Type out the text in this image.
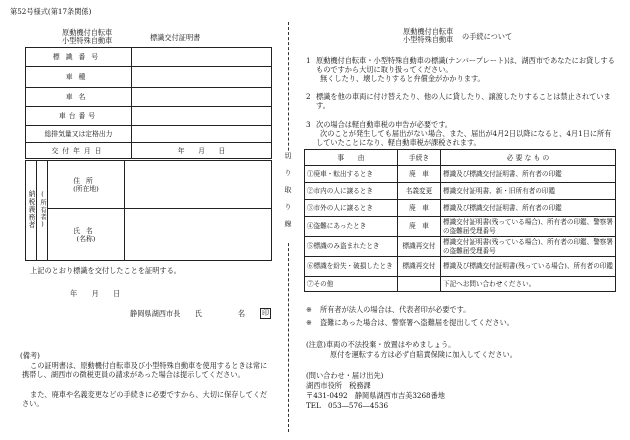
第52号様式(第17条関係)
原動機付自転車
小型特殊自動車	標識交付証明書
標識番号	
車種	
車名	
車台番号	
総排気量又は定格出力	
交付年月日	年　　月　　日
納税義務者	(所有者)	住所
(所在地)	

		氏名
(名称)	

上記のとおり標識を交付したことを証明する。
年　　月　　日
静岡県湖西市長　　氏　　　　　名 印
(備考)
この証明書は、原動機付自転車及び小型特殊自動車を使用するときは常に携帯し、湖西市の徴税吏員の請求があった場合は提示してください。
また、廃車や名義変更などの手続きに必要ですから、大切に保存してください。
切り取り線
原動機付自転車
小型特殊自動車 の手続について
1 原動機付自転車・小型特殊自動車の標識(ナンバープレート)は、湖西市であなたにお貸しするものですから大切に取り扱ってください。
無くしたり、壊したりすると弁償金がかかります。
2 標識を他の車両に付け替えたり、他の人に貸したり、譲渡したりすることは禁止されています。
3 次の場合は軽自動車税の申告が必要です。
次のことが発生しても届出がない場合、また、届出が4月2日以降になると、4月1日に所有していたことになり、軽自動車税が課税されます。
事　　由	手続き	必 要 な も の
①廃車・転出するとき	廃　車	標識及び標識交付証明書、所有者の印鑑
②市内の人に譲るとき	名義変更	標識交付証明書、新・旧所有者の印鑑
③市外の人に譲るとき	廃　車	標識及び標識交付証明書、所有者の印鑑
④盗難にあったとき	廃　車	標識交付証明書(残っている場合)、所有者の印鑑、警察署の盗難届受理番号
⑤標識のみ盗まれたとき	標識再交付	標識交付証明書(残っている場合)、所有者の印鑑、警察署の盗難届受理番号
⑥標識を紛失・破損したとき	標識再交付	標識及び標識交付証明書(残っている場合)、所有者の印鑑
⑦その他		下記へお問い合わせください。
※ 所有者が法人の場合は、代表者印が必要です。
※ 盗難にあった場合は、警察署へ盗難届を提出してください。
(注意)車両の不法投棄・放置はやめましょう。
原付を運転する方は必ず自賠責保険に加入してください。
(問い合わせ・届け出先)
湖西市役所　税務課
〒431-0492　静岡県湖西市吉美3268番地
TEL　053―576―4536
